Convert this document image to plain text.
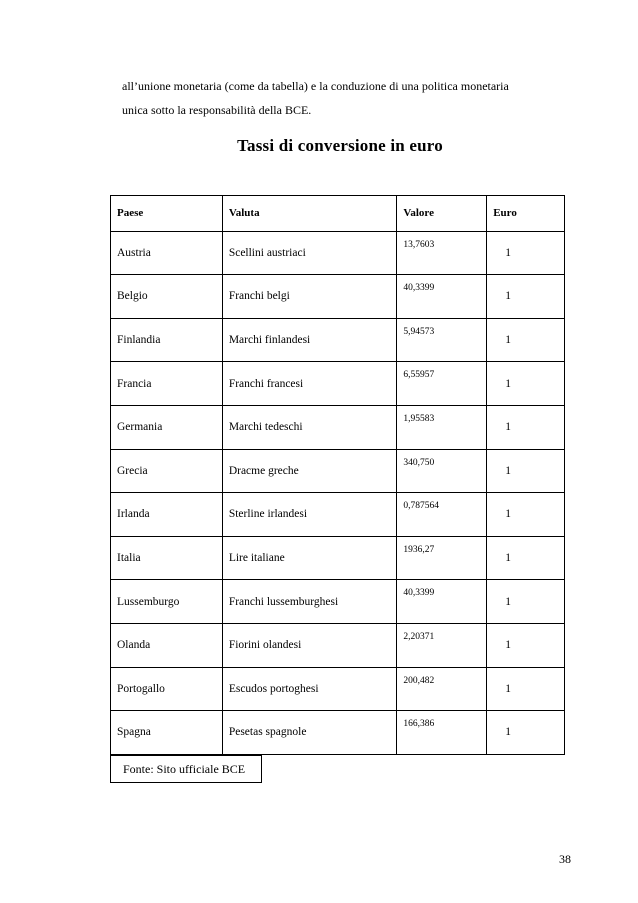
all’unione monetaria (come da tabella) e la conduzione di una politica monetaria

unica sotto la responsabilità della BCE.

Tassi di conversione in euro
Paese	Valuta	Valore	Euro
Austria	Scellini austriaci	13,7603	1
Belgio	Franchi belgi	40,3399	1
Finlandia	Marchi finlandesi	5,94573	1
Francia	Franchi francesi	6,55957	1
Germania	Marchi tedeschi	1,95583	1
Grecia	Dracme greche	340,750	1
Irlanda	Sterline irlandesi	0,787564	1
Italia	Lire italiane	1936,27	1
Lussemburgo	Franchi lussemburghesi	40,3399	1
Olanda	Fiorini olandesi	2,20371	1
Portogallo	Escudos portoghesi	200,482	1
Spagna	Pesetas spagnole	166,386	1
Fonte: Sito ufficiale BCE
38
